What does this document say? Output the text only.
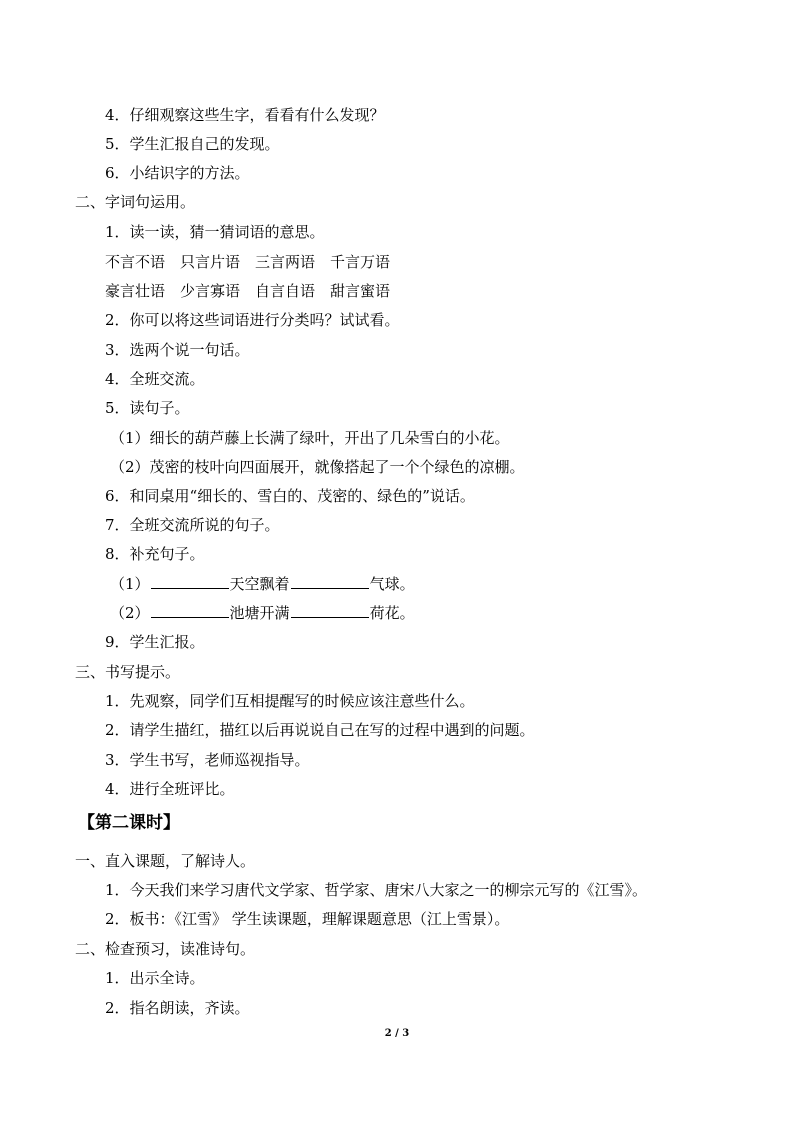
4．仔细观察这些生字，看看有什么发现？
5．学生汇报自己的发现。
6．小结识字的方法。
二、字词句运用。
1．读一读，猜一猜词语的意思。
不言不语　只言片语　三言两语　千言万语
豪言壮语　少言寡语　自言自语　甜言蜜语
2．你可以将这些词语进行分类吗？试试看。
3．选两个说一句话。
4．全班交流。
5．读句子。
（1）细长的葫芦藤上长满了绿叶，开出了几朵雪白的小花。
（2）茂密的枝叶向四面展开，就像搭起了一个个绿色的凉棚。
6．和同桌用“细长的、雪白的、茂密的、绿色的”说话。
7．全班交流所说的句子。
8．补充句子。
（1）	天空飘着	气球。
（2）	池塘开满	荷花。
9．学生汇报。
三、书写提示。
1．先观察，同学们互相提醒写的时候应该注意些什么。
2．请学生描红，描红以后再说说自己在写的过程中遇到的问题。
3．学生书写，老师巡视指导。
4．进行全班评比。
【第二课时】
一、直入课题，了解诗人。
1．今天我们来学习唐代文学家、哲学家、唐宋八大家之一的柳宗元写的《江雪》。
2．板书：《江雪》 学生读课题，理解课题意思（江上雪景）。
二、检查预习，读准诗句。
1．出示全诗。
2．指名朗读，齐读。
2 / 3
